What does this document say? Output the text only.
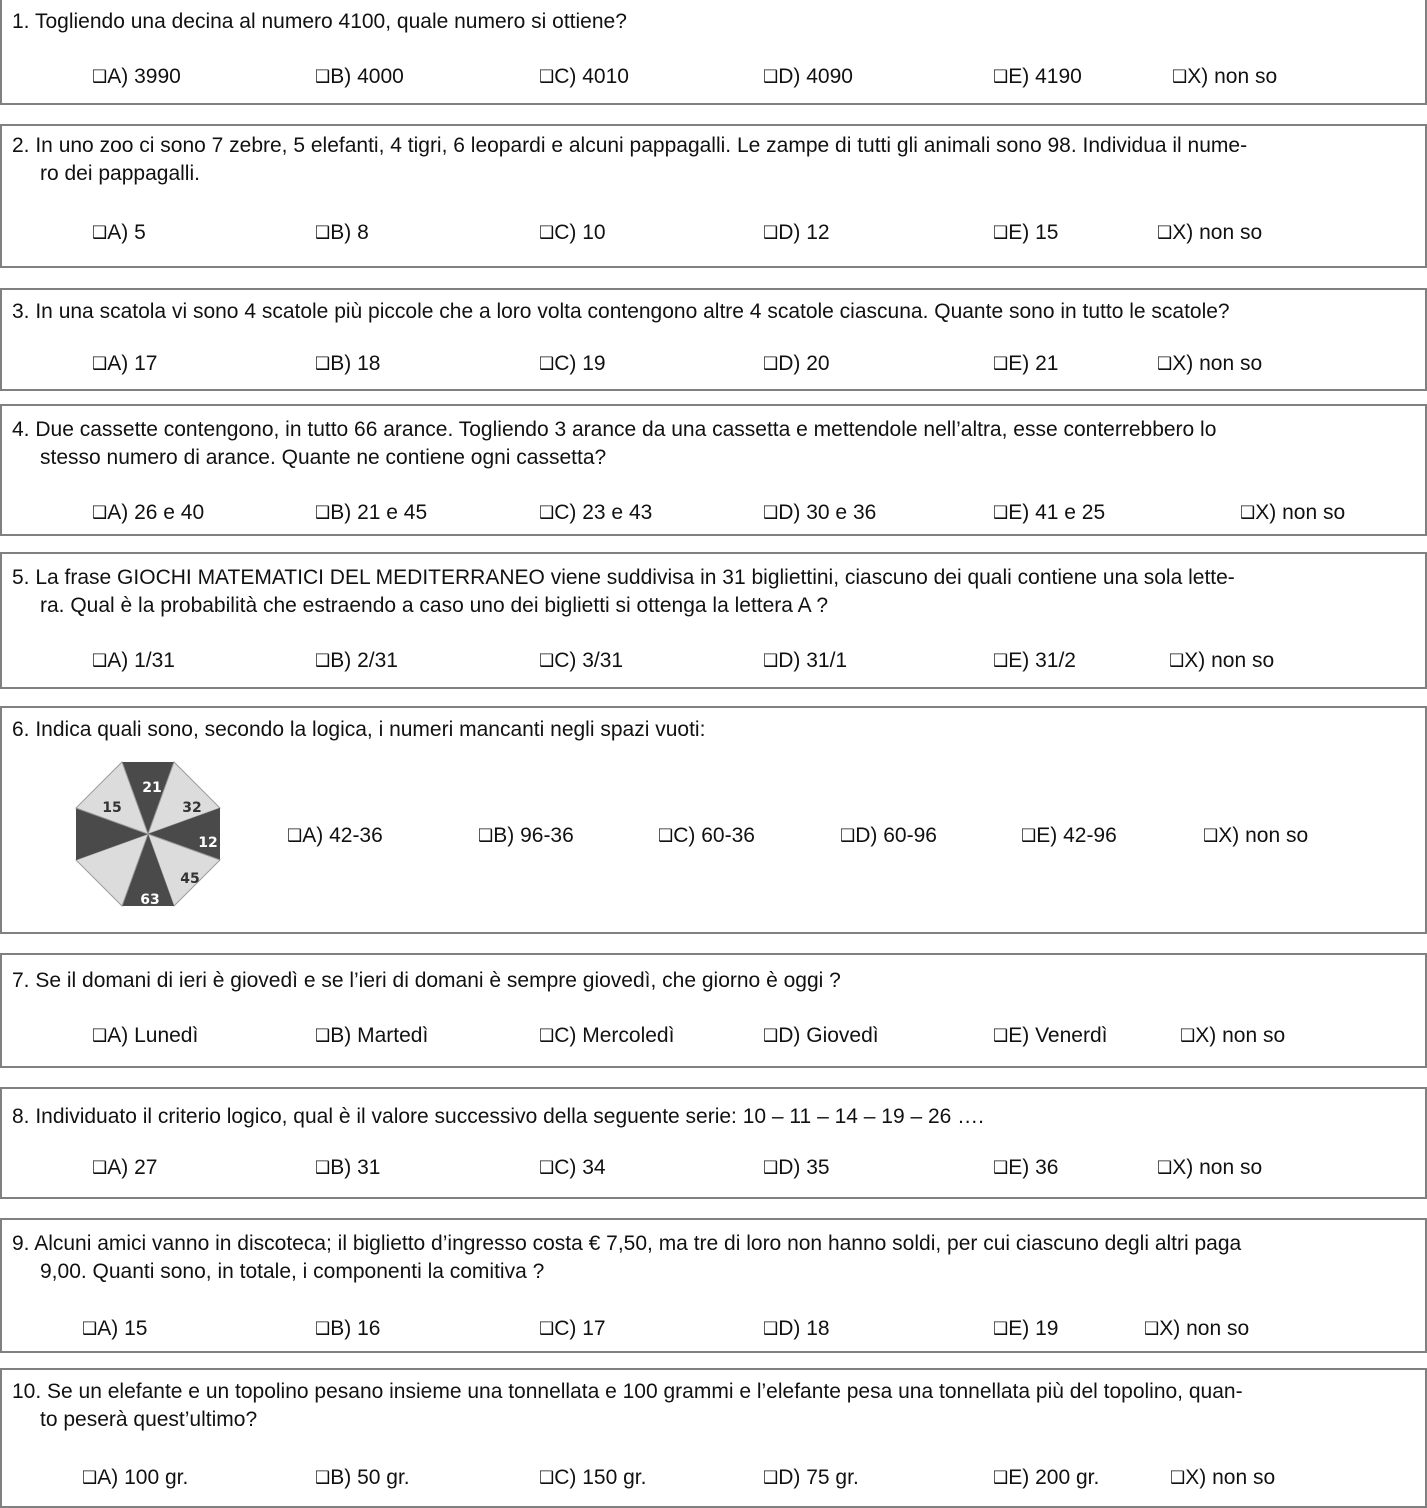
1. Togliendo una decina al numero 4100, quale numero si ottiene?
❑A) 3990	❑B) 4000	❑C) 4010	❑D) 4090	❑E) 4190	❑X) non so
2. In uno zoo ci sono 7 zebre, 5 elefanti, 4 tigri, 6 leopardi e alcuni pappagalli. Le zampe di tutti gli animali sono 98. Individua il nume-
ro dei pappagalli.
❑A) 5	❑B) 8	❑C) 10	❑D) 12	❑E) 15	❑X) non so
3. In una scatola vi sono 4 scatole più piccole che a loro volta contengono altre 4 scatole ciascuna. Quante sono in tutto le scatole?
❑A) 17	❑B) 18	❑C) 19	❑D) 20	❑E) 21	❑X) non so
4. Due cassette contengono, in tutto 66 arance. Togliendo 3 arance da una cassetta e mettendole nell’altra, esse conterrebbero lo
stesso numero di arance. Quante ne contiene ogni cassetta?
❑A) 26 e 40	❑B) 21 e 45	❑C) 23 e 43	❑D) 30 e 36	❑E) 41 e 25	❑X) non so
5. La frase GIOCHI MATEMATICI DEL MEDITERRANEO viene suddivisa in 31 bigliettini, ciascuno dei quali contiene una sola lette-
ra. Qual è la probabilità che estraendo a caso uno dei biglietti si ottenga la lettera A ?
❑A) 1/31	❑B) 2/31	❑C) 3/31	❑D) 31/1	❑E) 31/2	❑X) non so
6. Indica quali sono, secondo la logica, i numeri mancanti negli spazi vuoti:
21
32
12
45
63
15
❑A) 42-36	❑B) 96-36	❑C) 60-36	❑D) 60-96	❑E) 42-96	❑X) non so
7. Se il domani di ieri è giovedì e se l’ieri di domani è sempre giovedì, che giorno è oggi ?
❑A) Lunedì	❑B) Martedì	❑C) Mercoledì	❑D) Giovedì	❑E) Venerdì	❑X) non so
8. Individuato il criterio logico, qual è il valore successivo della seguente serie: 10 – 11 – 14 – 19 – 26 ….
❑A) 27	❑B) 31	❑C) 34	❑D) 35	❑E) 36	❑X) non so
9. Alcuni amici vanno in discoteca; il biglietto d’ingresso costa € 7,50, ma tre di loro non hanno soldi, per cui ciascuno degli altri paga
9,00. Quanti sono, in totale, i componenti la comitiva ?
❑A) 15	❑B) 16	❑C) 17	❑D) 18	❑E) 19	❑X) non so
10. Se un elefante e un topolino pesano insieme una tonnellata e 100 grammi e l’elefante pesa una tonnellata più del topolino, quan-
to peserà quest’ultimo?
❑A) 100 gr.	❑B) 50 gr.	❑C) 150 gr.	❑D) 75 gr.	❑E) 200 gr.	❑X) non so
